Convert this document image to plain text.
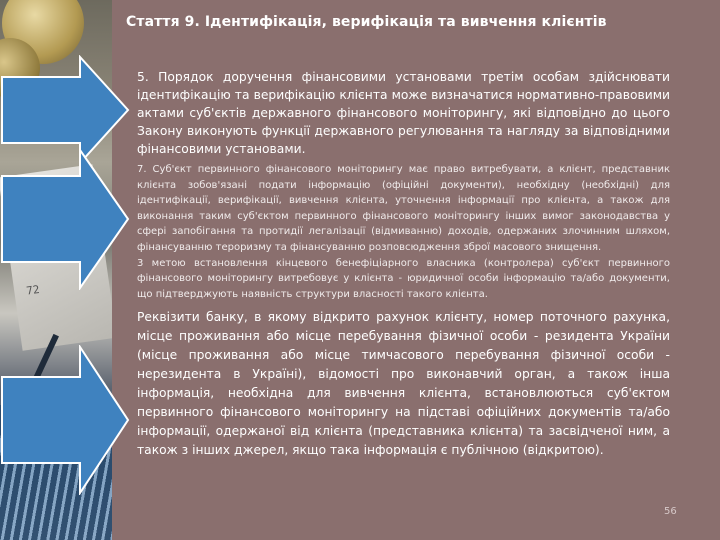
72
Стаття 9. Ідентифікація, верифікація та вивчення клієнтів

5. Порядок доручення фінансовими установами третім особам здійснювати ідентифікацію та верифікацію клієнта може визначатися нормативно-правовими актами суб'єктів державного фінансового моніторингу, які відповідно до цього Закону виконують функції державного регулювання та нагляду за відповідними фінансовими установами.

7. Суб'єкт первинного фінансового моніторингу має право витребувати, а клієнт, представник клієнта зобов'язані подати інформацію (офіційні документи), необхідну (необхідні) для ідентифікації, верифікації, вивчення клієнта, уточнення інформації про клієнта, а також для виконання таким суб'єктом первинного фінансового моніторингу інших вимог законодавства у сфері запобігання та протидії легалізації (відмиванню) доходів, одержаних злочинним шляхом, фінансуванню тероризму та фінансуванню розповсюдження зброї масового знищення.

3 метою встановлення кінцевого бенефіціарного власника (контролера) суб'єкт первинного фінансового моніторингу витребовує у клієнта - юридичної особи інформацію та/або документи, що підтверджують наявність структури власності такого клієнта.

Реквізити банку, в якому відкрито рахунок клієнту, номер поточного рахунка, місце проживання або місце перебування фізичної особи - резидента України (місце проживання або місце тимчасового перебування фізичної особи - нерезидента в Україні), відомості про виконавчий орган, а також інша інформація, необхідна для вивчення клієнта, встановлюються суб'єктом первинного фінансового моніторингу на підставі офіційних документів та/або інформації, одержаної від клієнта (представника клієнта) та засвідченої ним, а також з інших джерел, якщо така інформація є публічною (відкритою).

56
